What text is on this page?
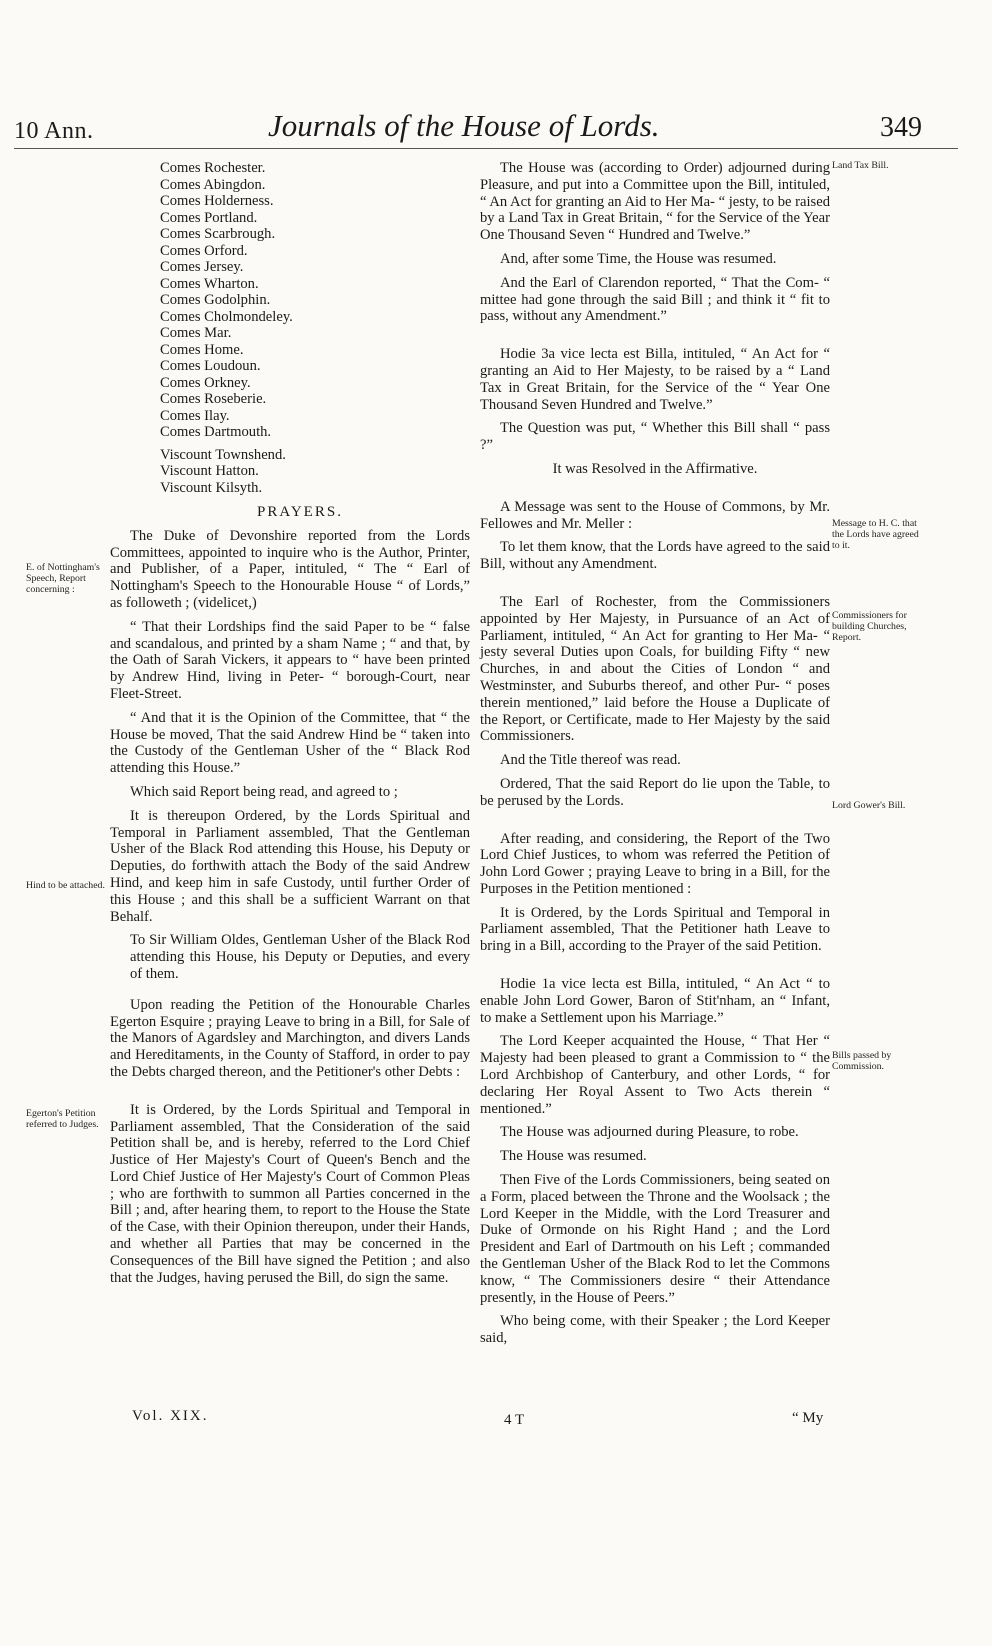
10 Ann.	Journals of the House of Lords.	349

Comes Rochester.

Comes Abingdon.

Comes Holderness.

Comes Portland.

Comes Scarbrough.

Comes Orford.

Comes Jersey.

Comes Wharton.

Comes Godolphin.

Comes Cholmondeley.

Comes Mar.

Comes Home.

Comes Loudoun.

Comes Orkney.

Comes Roseberie.

Comes Ilay.

Comes Dartmouth.

Viscount Townshend.

Viscount Hatton.

Viscount Kilsyth.

PRAYERS.

The Duke of Devonshire reported from the Lords Committees, appointed to inquire who is the Author, Printer, and Publisher, of a Paper, intituled, “ The “ Earl of Nottingham's Speech to the Honourable House “ of Lords,” as followeth ; (videlicet,)

“ That their Lordships find the said Paper to be “ false and scandalous, and printed by a sham Name ; “ and that, by the Oath of Sarah Vickers, it appears to “ have been printed by Andrew Hind, living in Peter- “ borough-Court, near Fleet-Street.

“ And that it is the Opinion of the Committee, that “ the House be moved, That the said Andrew Hind be “ taken into the Custody of the Gentleman Usher of the “ Black Rod attending this House.”

Which said Report being read, and agreed to ;

It is thereupon Ordered, by the Lords Spiritual and Temporal in Parliament assembled, That the Gentleman Usher of the Black Rod attending this House, his Deputy or Deputies, do forthwith attach the Body of the said Andrew Hind, and keep him in safe Custody, until further Order of this House ; and this shall be a sufficient Warrant on that Behalf.

To Sir William Oldes, Gentleman Usher of the Black Rod attending this House, his Deputy or Deputies, and every of them.

Upon reading the Petition of the Honourable Charles Egerton Esquire ; praying Leave to bring in a Bill, for Sale of the Manors of Agardsley and Marchington, and divers Lands and Hereditaments, in the County of Stafford, in order to pay the Debts charged thereon, and the Petitioner's other Debts :

It is Ordered, by the Lords Spiritual and Temporal in Parliament assembled, That the Consideration of the said Petition shall be, and is hereby, referred to the Lord Chief Justice of Her Majesty's Court of Queen's Bench and the Lord Chief Justice of Her Majesty's Court of Common Pleas ; who are forthwith to summon all Parties concerned in the Bill ; and, after hearing them, to report to the House the State of the Case, with their Opinion thereupon, under their Hands, and whether all Parties that may be concerned in the Consequences of the Bill have signed the Petition ; and also that the Judges, having perused the Bill, do sign the same.

The House was (according to Order) adjourned during Pleasure, and put into a Committee upon the Bill, intituled, “ An Act for granting an Aid to Her Ma- “ jesty, to be raised by a Land Tax in Great Britain, “ for the Service of the Year One Thousand Seven “ Hundred and Twelve.”

And, after some Time, the House was resumed.

And the Earl of Clarendon reported, “ That the Com- “ mittee had gone through the said Bill ; and think it “ fit to pass, without any Amendment.”

Hodie 3a vice lecta est Billa, intituled, “ An Act for “ granting an Aid to Her Majesty, to be raised by a “ Land Tax in Great Britain, for the Service of the “ Year One Thousand Seven Hundred and Twelve.”

The Question was put, “ Whether this Bill shall “ pass ?”

It was Resolved in the Affirmative.

A Message was sent to the House of Commons, by Mr. Fellowes and Mr. Meller :

To let them know, that the Lords have agreed to the said Bill, without any Amendment.

The Earl of Rochester, from the Commissioners appointed by Her Majesty, in Pursuance of an Act of Parliament, intituled, “ An Act for granting to Her Ma- “ jesty several Duties upon Coals, for building Fifty “ new Churches, in and about the Cities of London “ and Westminster, and Suburbs thereof, and other Pur- “ poses therein mentioned,” laid before the House a Duplicate of the Report, or Certificate, made to Her Majesty by the said Commissioners.

And the Title thereof was read.

Ordered, That the said Report do lie upon the Table, to be perused by the Lords.

After reading, and considering, the Report of the Two Lord Chief Justices, to whom was referred the Petition of John Lord Gower ; praying Leave to bring in a Bill, for the Purposes in the Petition mentioned :

It is Ordered, by the Lords Spiritual and Temporal in Parliament assembled, That the Petitioner hath Leave to bring in a Bill, according to the Prayer of the said Petition.

Hodie 1a vice lecta est Billa, intituled, “ An Act “ to enable John Lord Gower, Baron of Stit'nham, an “ Infant, to make a Settlement upon his Marriage.”

The Lord Keeper acquainted the House, “ That Her “ Majesty had been pleased to grant a Commission to “ the Lord Archbishop of Canterbury, and other Lords, “ for declaring Her Royal Assent to Two Acts therein “ mentioned.”

The House was adjourned during Pleasure, to robe.

The House was resumed.

Then Five of the Lords Commissioners, being seated on a Form, placed between the Throne and the Woolsack ; the Lord Keeper in the Middle, with the Lord Treasurer and Duke of Ormonde on his Right Hand ; and the Lord President and Earl of Dartmouth on his Left ; commanded the Gentleman Usher of the Black Rod to let the Commons know, “ The Commissioners desire “ their Attendance presently, in the House of Peers.”

Who being come, with their Speaker ; the Lord Keeper said,

E. of Nottingham's Speech, Report concerning :
Hind to be attached.
Egerton's Petition referred to Judges.
Land Tax Bill.
Message to H. C. that the Lords have agreed to it.
Commissioners for building Churches, Report.
Lord Gower's Bill.
Bills passed by Commission.
Vol. XIX.	4 T	“ My
